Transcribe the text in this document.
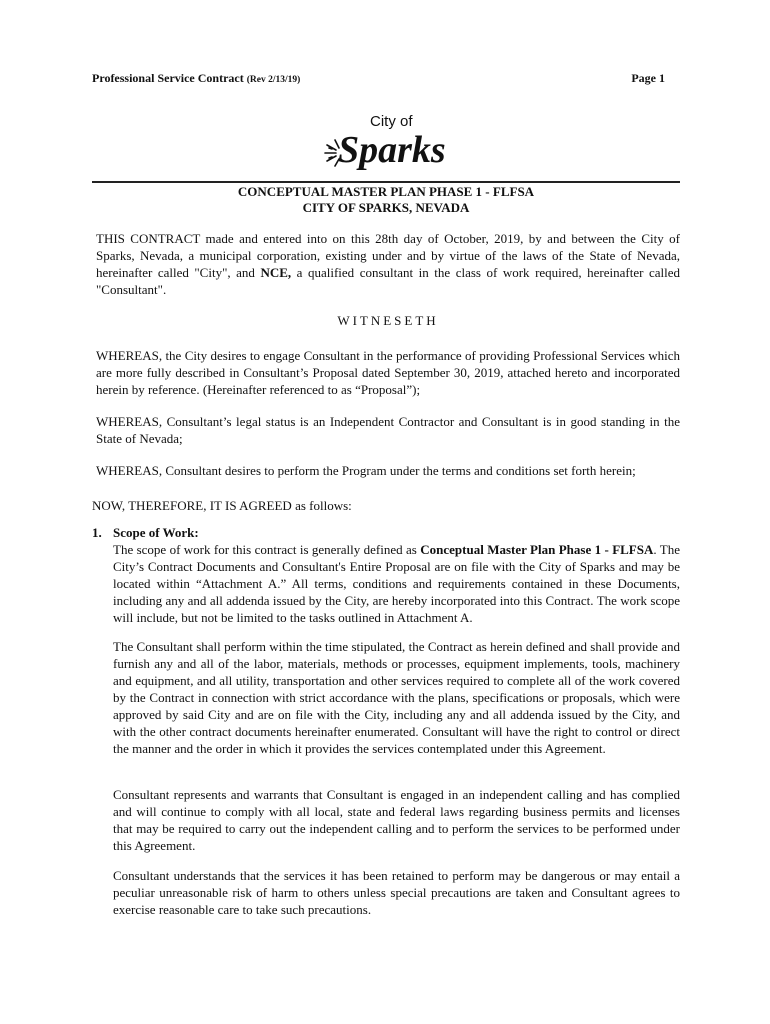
Professional Service Contract (Rev 2/13/19)	Page 1
City of
Sparks
CONCEPTUAL MASTER PLAN PHASE 1 - FLFSA
CITY OF SPARKS, NEVADA

THIS CONTRACT made and entered into on this 28th day of October, 2019, by and between the City of Sparks, Nevada, a municipal corporation, existing under and by virtue of the laws of the State of Nevada, hereinafter called "City", and NCE, a qualified consultant in the class of work required, hereinafter called "Consultant".

WITNESETH

WHEREAS, the City desires to engage Consultant in the performance of providing Professional Services which are more fully described in Consultant’s Proposal dated September 30, 2019, attached hereto and incorporated herein by reference. (Hereinafter referenced to as “Proposal”);

WHEREAS, Consultant’s legal status is an Independent Contractor and Consultant is in good standing in the State of Nevada;

WHEREAS, Consultant desires to perform the Program under the terms and conditions set forth herein;

NOW, THEREFORE, IT IS AGREED as follows:

1. Scope of Work:

The scope of work for this contract is generally defined as Conceptual Master Plan Phase 1 - FLFSA. The City’s Contract Documents and Consultant's Entire Proposal are on file with the City of Sparks and may be located within “Attachment A.” All terms, conditions and requirements contained in these Documents, including any and all addenda issued by the City, are hereby incorporated into this Contract. The work scope will include, but not be limited to the tasks outlined in Attachment A.

The Consultant shall perform within the time stipulated, the Contract as herein defined and shall provide and furnish any and all of the labor, materials, methods or processes, equipment implements, tools, machinery and equipment, and all utility, transportation and other services required to complete all of the work covered by the Contract in connection with strict accordance with the plans, specifications or proposals, which were approved by said City and are on file with the City, including any and all addenda issued by the City, and with the other contract documents hereinafter enumerated. Consultant will have the right to control or direct the manner and the order in which it provides the services contemplated under this Agreement.

Consultant represents and warrants that Consultant is engaged in an independent calling and has complied and will continue to comply with all local, state and federal laws regarding business permits and licenses that may be required to carry out the independent calling and to perform the services to be performed under this Agreement.

Consultant understands that the services it has been retained to perform may be dangerous or may entail a peculiar unreasonable risk of harm to others unless special precautions are taken and Consultant agrees to exercise reasonable care to take such precautions.
